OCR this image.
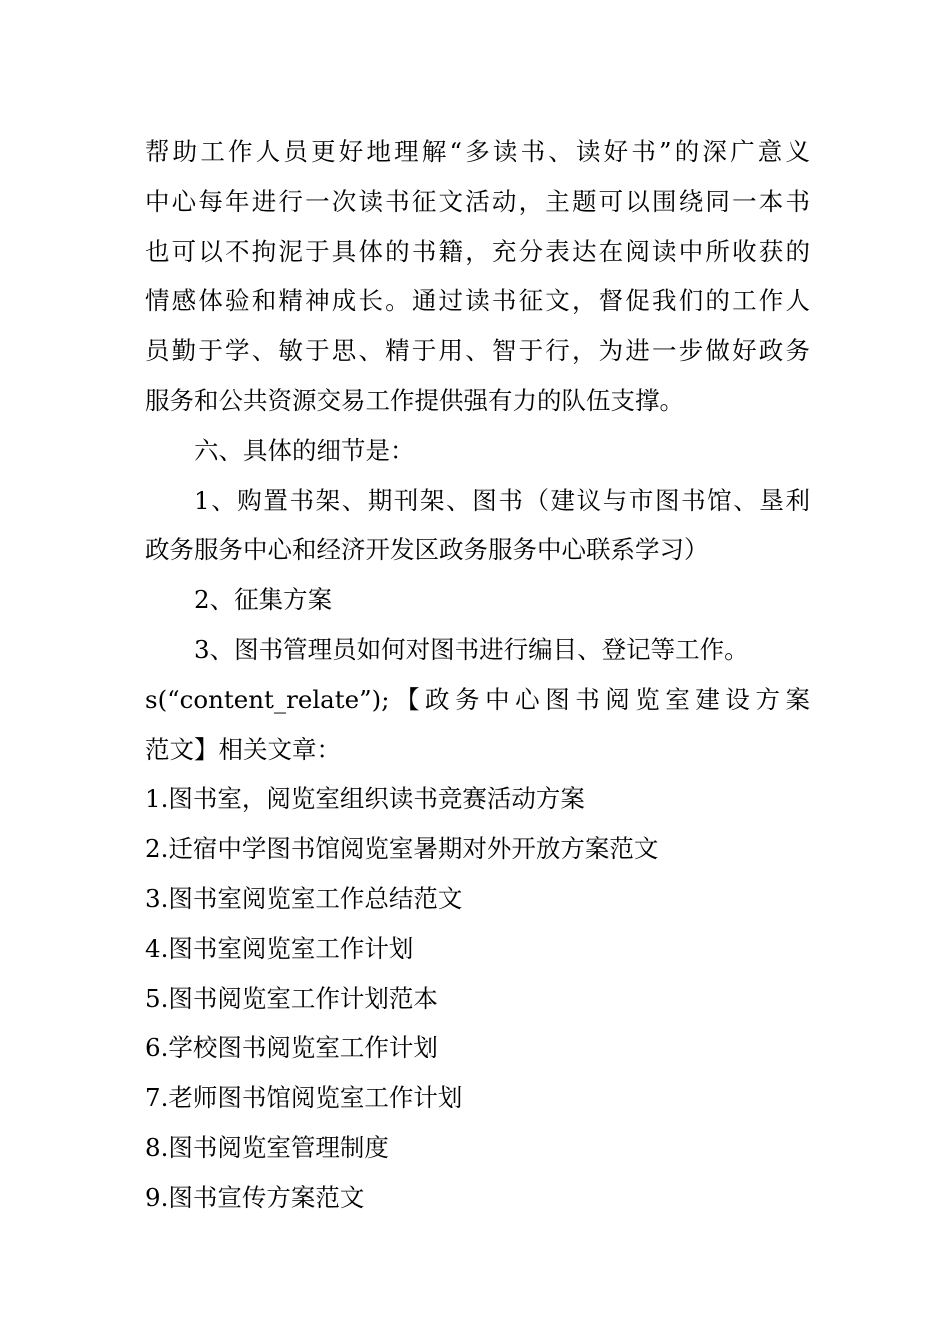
帮助工作人员更好地理解“多读书、读好书”的深广意义
中心每年进行一次读书征文活动，主题可以围绕同一本书
也可以不拘泥于具体的书籍，充分表达在阅读中所收获的
情感体验和精神成长。通过读书征文，督促我们的工作人
员勤于学、敏于思、精于用、智于行，为进一步做好政务
服务和公共资源交易工作提供强有力的队伍支撑。
六、具体的细节是：
1、购置书架、期刊架、图书（建议与市图书馆、垦利
政务服务中心和经济开发区政务服务中心联系学习）
2、征集方案
3、图书管理员如何对图书进行编目、登记等工作。
s(“content_relate”);【政务中心图书阅览室建设方案
范文】相关文章：
1.图书室，阅览室组织读书竞赛活动方案
2.迁宿中学图书馆阅览室暑期对外开放方案范文
3.图书室阅览室工作总结范文
4.图书室阅览室工作计划
5.图书阅览室工作计划范本
6.学校图书阅览室工作计划
7.老师图书馆阅览室工作计划
8.图书阅览室管理制度
9.图书宣传方案范文
